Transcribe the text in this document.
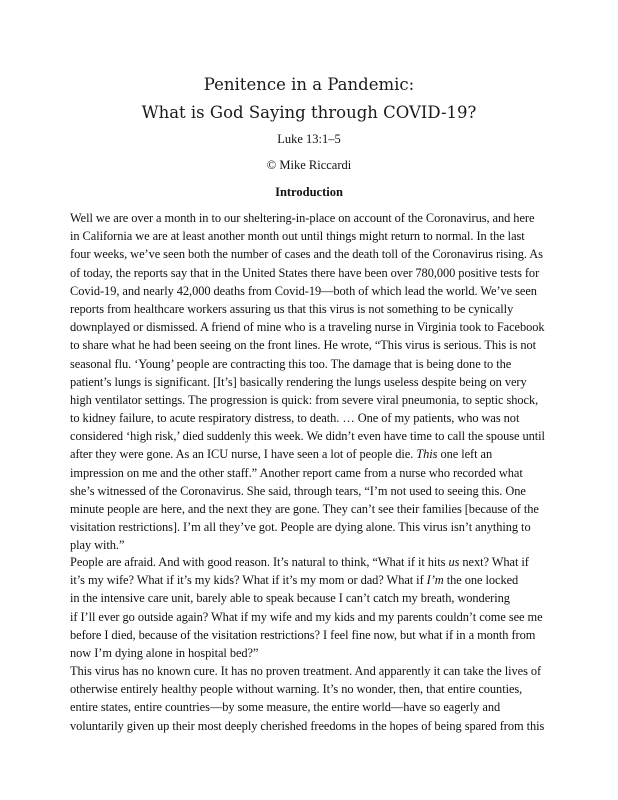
Penitence in a Pandemic:
What is God Saying through COVID-19?
Luke 13:1–5
© Mike Riccardi
Introduction

Well we are over a month in to our sheltering-in-place on account of the Coronavirus, and here
in California we are at least another month out until things might return to normal. In the last
four weeks, we’ve seen both the number of cases and the death toll of the Coronavirus rising. As
of today, the reports say that in the United States there have been over 780,000 positive tests for
Covid-19, and nearly 42,000 deaths from Covid-19—both of which lead the world. We’ve seen
reports from healthcare workers assuring us that this virus is not something to be cynically
downplayed or dismissed. A friend of mine who is a traveling nurse in Virginia took to Facebook
to share what he had been seeing on the front lines. He wrote, “This virus is serious. This is not
seasonal flu. ‘Young’ people are contracting this too. The damage that is being done to the
patient’s lungs is significant. [It’s] basically rendering the lungs useless despite being on very
high ventilator settings. The progression is quick: from severe viral pneumonia, to septic shock,
to kidney failure, to acute respiratory distress, to death. … One of my patients, who was not
considered ‘high risk,’ died suddenly this week. We didn’t even have time to call the spouse until
after they were gone. As an ICU nurse, I have seen a lot of people die. This one left an
impression on me and the other staff.” Another report came from a nurse who recorded what
she’s witnessed of the Coronavirus. She said, through tears, “I’m not used to seeing this. One
minute people are here, and the next they are gone. They can’t see their families [because of the
visitation restrictions]. I’m all they’ve got. People are dying alone. This virus isn’t anything to
play with.”

People are afraid. And with good reason. It’s natural to think, “What if it hits us next? What if
it’s my wife? What if it’s my kids? What if it’s my mom or dad? What if I’m the one locked
in the intensive care unit, barely able to speak because I can’t catch my breath, wondering
if I’ll ever go outside again? What if my wife and my kids and my parents couldn’t come see me
before I died, because of the visitation restrictions? I feel fine now, but what if in a month from
now I’m dying alone in hospital bed?”

This virus has no known cure. It has no proven treatment. And apparently it can take the lives of
otherwise entirely healthy people without warning. It’s no wonder, then, that entire counties,
entire states, entire countries—by some measure, the entire world—have so eagerly and
voluntarily given up their most deeply cherished freedoms in the hopes of being spared from this
